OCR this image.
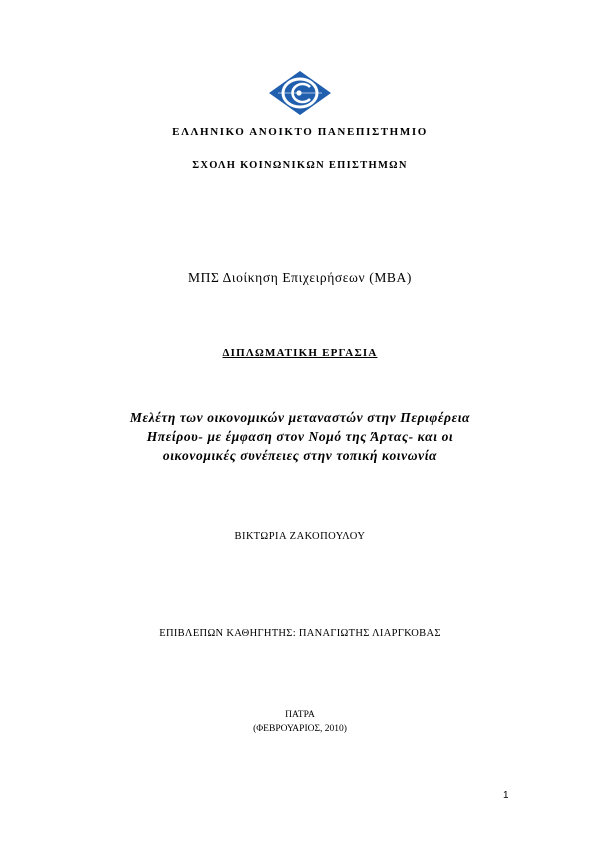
ΕΛΛΗΝΙΚΟ ΑΝΟΙΚΤΟ ΠΑΝΕΠΙΣΤΗΜΙΟ
ΣΧΟΛΗ ΚΟΙΝΩΝΙΚΩΝ ΕΠΙΣΤΗΜΩΝ
ΜΠΣ Διοίκηση Επιχειρήσεων (ΜΒΑ)
ΔΙΠΛΩΜΑΤΙΚΗ ΕΡΓΑΣΙΑ
Μελέτη των οικονομικών μεταναστών στην Περιφέρεια
Ηπείρου- με έμφαση στον Νομό της Άρτας- και οι
οικονομικές συνέπειες στην τοπική κοινωνία
ΒΙΚΤΩΡΙΑ ΖΑΚΟΠΟΥΛΟΥ
ΕΠΙΒΛΕΠΩΝ ΚΑΘΗΓΗΤΗΣ: ΠΑΝΑΓΙΩΤΗΣ ΛΙΑΡΓΚΟΒΑΣ
ΠΑΤΡΑ
(ΦΕΒΡΟΥΑΡΙΟΣ, 2010)
1
